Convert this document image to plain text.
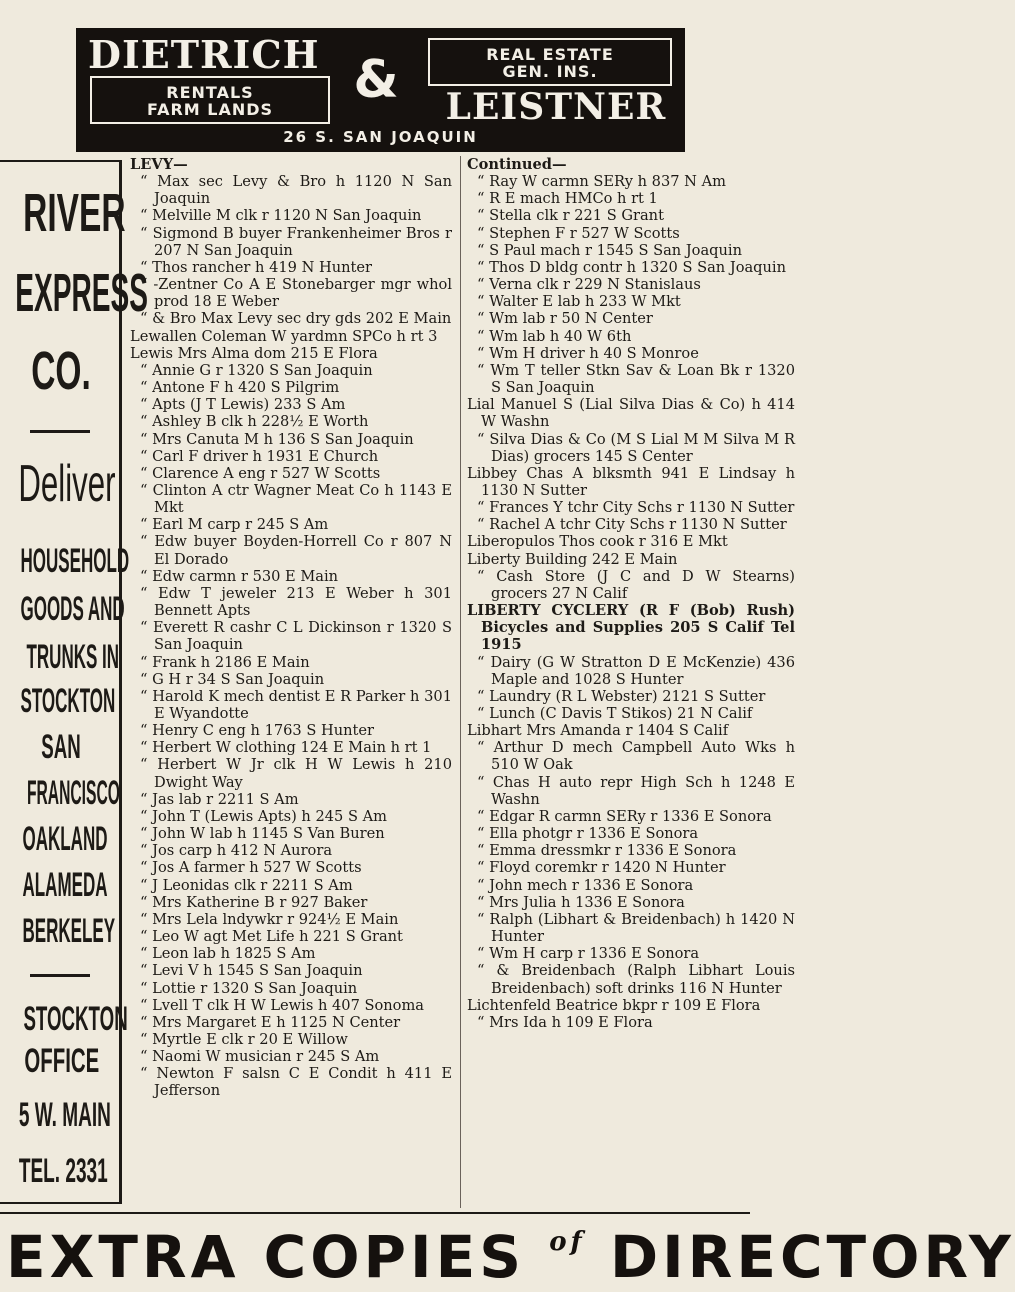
DIETRICH
RENTALS
FARM LANDS	&	REAL ESTATE
GEN. INS.
LEISTNER
26 S. SAN JOAQUIN
RIVER
EXPRESS
CO.
Deliver
HOUSEHOLD
GOODS AND
TRUNKS IN
STOCKTON
SAN
FRANCISCO
OAKLAND
ALAMEDA
BERKELEY
STOCKTON
OFFICE
5 W. MAIN
TEL. 2331

LEVY—

“ Max sec Levy & Bro h 1120 N San Joaquin

“ Melville M clk r 1120 N San Joaquin

“ Sigmond B buyer Frankenheimer Bros r 207 N San Joaquin

“ Thos rancher h 419 N Hunter

“ -Zentner Co A E Stonebarger mgr whol prod 18 E Weber

“ & Bro Max Levy sec dry gds 202 E Main

Lewallen Coleman W yardmn SPCo h rt 3

Lewis Mrs Alma dom 215 E Flora

“ Annie G r 1320 S San Joaquin

“ Antone F h 420 S Pilgrim

“ Apts (J T Lewis) 233 S Am

“ Ashley B clk h 228½ E Worth

“ Mrs Canuta M h 136 S San Joaquin

“ Carl F driver h 1931 E Church

“ Clarence A eng r 527 W Scotts

“ Clinton A ctr Wagner Meat Co h 1143 E Mkt

“ Earl M carp r 245 S Am

“ Edw buyer Boyden-Horrell Co r 807 N El Dorado

“ Edw carmn r 530 E Main

“ Edw T jeweler 213 E Weber h 301 Bennett Apts

“ Everett R cashr C L Dickinson r 1320 S San Joaquin

“ Frank h 2186 E Main

“ G H r 34 S San Joaquin

“ Harold K mech dentist E R Parker h 301 E Wyandotte

“ Henry C eng h 1763 S Hunter

“ Herbert W clothing 124 E Main h rt 1

“ Herbert W Jr clk H W Lewis h 210 Dwight Way

“ Jas lab r 2211 S Am

“ John T (Lewis Apts) h 245 S Am

“ John W lab h 1145 S Van Buren

“ Jos carp h 412 N Aurora

“ Jos A farmer h 527 W Scotts

“ J Leonidas clk r 2211 S Am

“ Mrs Katherine B r 927 Baker

“ Mrs Lela lndywkr r 924½ E Main

“ Leo W agt Met Life h 221 S Grant

“ Leon lab h 1825 S Am

“ Levi V h 1545 S San Joaquin

“ Lottie r 1320 S San Joaquin

“ Lvell T clk H W Lewis h 407 Sonoma

“ Mrs Margaret E h 1125 N Center

“ Myrtle E clk r 20 E Willow

“ Naomi W musician r 245 S Am

“ Newton F salsn C E Condit h 411 E Jefferson

Continued—

“ Ray W carmn SERy h 837 N Am

“ R E mach HMCo h rt 1

“ Stella clk r 221 S Grant

“ Stephen F r 527 W Scotts

“ S Paul mach r 1545 S San Joaquin

“ Thos D bldg contr h 1320 S San Joaquin

“ Verna clk r 229 N Stanislaus

“ Walter E lab h 233 W Mkt

“ Wm lab r 50 N Center

“ Wm lab h 40 W 6th

“ Wm H driver h 40 S Monroe

“ Wm T teller Stkn Sav & Loan Bk r 1320 S San Joaquin

Lial Manuel S (Lial Silva Dias & Co) h 414 W Washn

“ Silva Dias & Co (M S Lial M M Silva M R Dias) grocers 145 S Center

Libbey Chas A blksmth 941 E Lindsay h 1130 N Sutter

“ Frances Y tchr City Schs r 1130 N Sutter

“ Rachel A tchr City Schs r 1130 N Sutter

Liberopulos Thos cook r 316 E Mkt

Liberty Building 242 E Main

“ Cash Store (J C and D W Stearns) grocers 27 N Calif

LIBERTY CYCLERY (R F (Bob) Rush) Bicycles and Supplies 205 S Calif Tel 1915

“ Dairy (G W Stratton D E McKenzie) 436 Maple and 1028 S Hunter

“ Laundry (R L Webster) 2121 S Sutter

“ Lunch (C Davis T Stikos) 21 N Calif

Libhart Mrs Amanda r 1404 S Calif

“ Arthur D mech Campbell Auto Wks h 510 W Oak

“ Chas H auto repr High Sch h 1248 E Washn

“ Edgar R carmn SERy r 1336 E Sonora

“ Ella photgr r 1336 E Sonora

“ Emma dressmkr r 1336 E Sonora

“ Floyd coremkr r 1420 N Hunter

“ John mech r 1336 E Sonora

“ Mrs Julia h 1336 E Sonora

“ Ralph (Libhart & Breidenbach) h 1420 N Hunter

“ Wm H carp r 1336 E Sonora

“ & Breidenbach (Ralph Libhart Louis Breidenbach) soft drinks 116 N Hunter

Lichtenfeld Beatrice bkpr r 109 E Flora

“ Mrs Ida h 109 E Flora

EXTRA COPIES $^{of}$ DIRECTORY
